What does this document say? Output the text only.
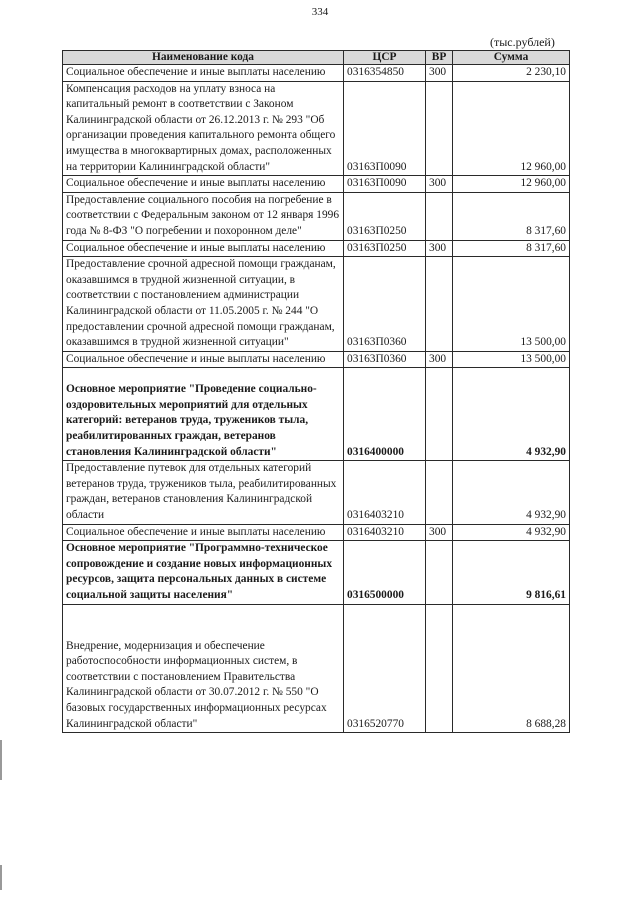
334
(тыс.рублей)
Наименование кода	ЦСР	ВР	Сумма
Социальное обеспечение и иные выплаты населению	0316354850	300	2 230,10
Компенсация расходов на уплату взноса на капитальный ремонт в соответствии с Законом Калининградской области от 26.12.2013 г. № 293 "Об организации проведения капитального ремонта общего имущества в многоквартирных домах, расположенных на территории Калининградской области"	03163П0090		12 960,00
Социальное обеспечение и иные выплаты населению	03163П0090	300	12 960,00
Предоставление социального пособия на погребение в соответствии с Федеральным законом от 12 января 1996 года № 8-ФЗ "О погребении и похоронном деле"	03163П0250		8 317,60
Социальное обеспечение и иные выплаты населению	03163П0250	300	8 317,60
Предоставление срочной адресной помощи гражданам, оказавшимся в трудной жизненной ситуации, в соответствии с постановлением администрации Калининградской области от 11.05.2005 г. № 244 "О предоставлении срочной адресной помощи гражданам, оказавшимся в трудной жизненной ситуации"	03163П0360		13 500,00
Социальное обеспечение и иные выплаты населению	03163П0360	300	13 500,00

Основное мероприятие "Проведение социально-оздоровительных мероприятий для отдельных категорий: ветеранов труда, тружеников тыла, реабилитированных граждан, ветеранов становления Калининградской области"	0316400000		4 932,90
Предоставление путевок для отдельных категорий ветеранов труда, тружеников тыла, реабилитированных граждан, ветеранов становления Калининградской области	0316403210		4 932,90
Социальное обеспечение и иные выплаты населению	0316403210	300	4 932,90
Основное мероприятие "Программно-техническое сопровождение и создание новых информационных ресурсов, защита персональных данных в системе социальной защиты населения"	0316500000		9 816,61

Внедрение, модернизация и обеспечение работоспособности информационных систем, в соответствии с постановлением Правительства Калининградской области от 30.07.2012 г. № 550 "О базовых государственных информационных ресурсах Калининградской области"	0316520770		8 688,28
